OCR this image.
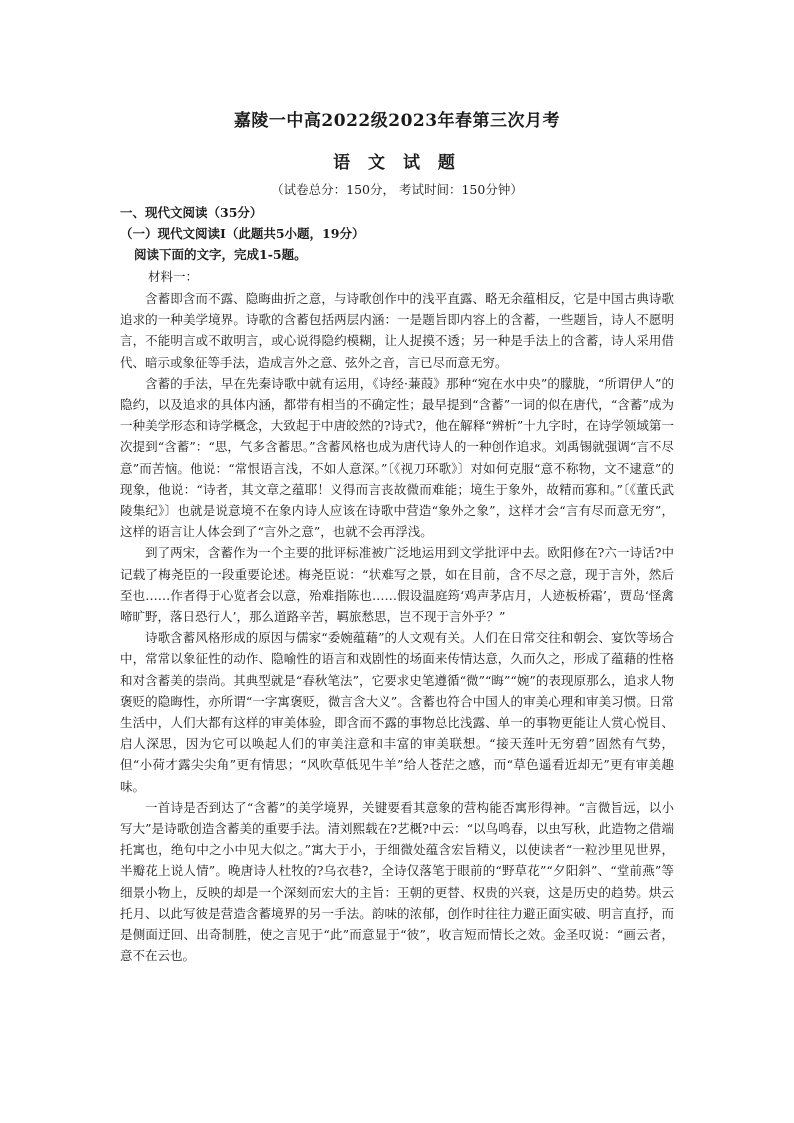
嘉陵一中高2022级2023年春第三次月考
语 文 试 题
（试卷总分：150分， 考试时间：150分钟）
一、现代文阅读（35分）
（一）现代文阅读Ⅰ（此题共5小题，19分）
阅读下面的文字，完成1-5题。
材料一：

含蓄即含而不露、隐晦曲折之意，与诗歌创作中的浅平直露、略无余蕴相反，它是中国古典诗歌追求的一种美学境界。诗歌的含蓄包括两层内涵：一是题旨即内容上的含蓄，一些题旨，诗人不愿明言，不能明言或不敢明言，或心说得隐约模糊，让人捉摸不透；另一种是手法上的含蓄，诗人采用借代、暗示或象征等手法，造成言外之意、弦外之音，言已尽而意无穷。

含蓄的手法，早在先秦诗歌中就有运用，《诗经·蒹葭》那种“宛在水中央”的朦胧，“所谓伊人”的隐约，以及追求的具体内涵，都带有相当的不确定性；最早提到“含蓄”一词的似在唐代，“含蓄”成为一种美学形态和诗学概念，大致起于中唐皎然的?诗式?，他在解释“辨析”十九字时，在诗学领域第一次提到“含蓄”：“思，气多含蓄思。”含蓄风格也成为唐代诗人的一种创作追求。刘禹锡就强调“言不尽意”而苦恼。他说：“常恨语言浅，不如人意深。”〔《视刀环歌》〕对如何克服“意不称物，文不逮意”的现象，他说：“诗者，其文章之蕴耶！义得而言丧故微而难能；境生于象外，故精而寡和。”〔《董氏武陵集纪》〕也就是说意境不在象内诗人应该在诗歌中营造“象外之象”，这样才会“言有尽而意无穷”，这样的语言让人体会到了“言外之意”，也就不会再浮浅。

到了两宋，含蓄作为一个主要的批评标准被广泛地运用到文学批评中去。欧阳修在?六一诗话?中记载了梅尧臣的一段重要论述。梅尧臣说：“状难写之景，如在目前，含不尽之意，现于言外，然后至也……作者得于心览者会以意，殆难指陈也……假设温庭筠‘鸡声茅店月，人迹板桥霜’，贾岛‘怪禽啼旷野，落日恐行人’，那么道路辛苦，羁旅愁思，岂不现于言外乎？”

诗歌含蓄风格形成的原因与儒家“委婉蕴藉”的人文观有关。人们在日常交往和朝会、宴饮等场合中，常常以象征性的动作、隐喻性的语言和戏剧性的场面来传情达意，久而久之，形成了蕴藉的性格和对含蓄美的崇尚。其典型就是“春秋笔法”，它要求史笔遵循“微”“晦”“婉”的表现原那么，追求人物褒贬的隐晦性，亦所谓“一字寓褒贬，微言含大义”。含蓄也符合中国人的审美心理和审美习惯。日常生活中，人们大都有这样的审美体验，即含而不露的事物总比浅露、单一的事物更能让人赏心悦目、启人深思，因为它可以唤起人们的审美注意和丰富的审美联想。“接天莲叶无穷碧”固然有气势，但“小荷才露尖尖角”更有情思；“风吹草低见牛羊”给人苍茫之感，而“草色遥看近却无”更有审美趣味。

一首诗是否到达了“含蓄”的美学境界，关键要看其意象的营构能否寓形得神。“言微旨远，以小写大”是诗歌创造含蓄美的重要手法。清刘熙载在?艺概?中云：“以鸟鸣春，以虫写秋，此造物之借端托寓也，绝句中之小中见大似之。”寓大于小，于细微处蕴含宏旨精义，以使读者“一粒沙里见世界，半瓣花上说人情”。晚唐诗人杜牧的?乌衣巷?，全诗仅落笔于眼前的“野草花”“夕阳斜”、“堂前燕”等细景小物上，反映的却是一个深刻而宏大的主旨：王朝的更替、权贵的兴衰，这是历史的趋势。烘云托月、以此写彼是营造含蓄境界的另一手法。韵味的浓郁，创作时往往力避正面实破、明言直抒，而是侧面迂回、出奇制胜，使之言见于“此”而意显于“彼”，收言短而情长之效。金圣叹说：“画云者，意不在云也。
